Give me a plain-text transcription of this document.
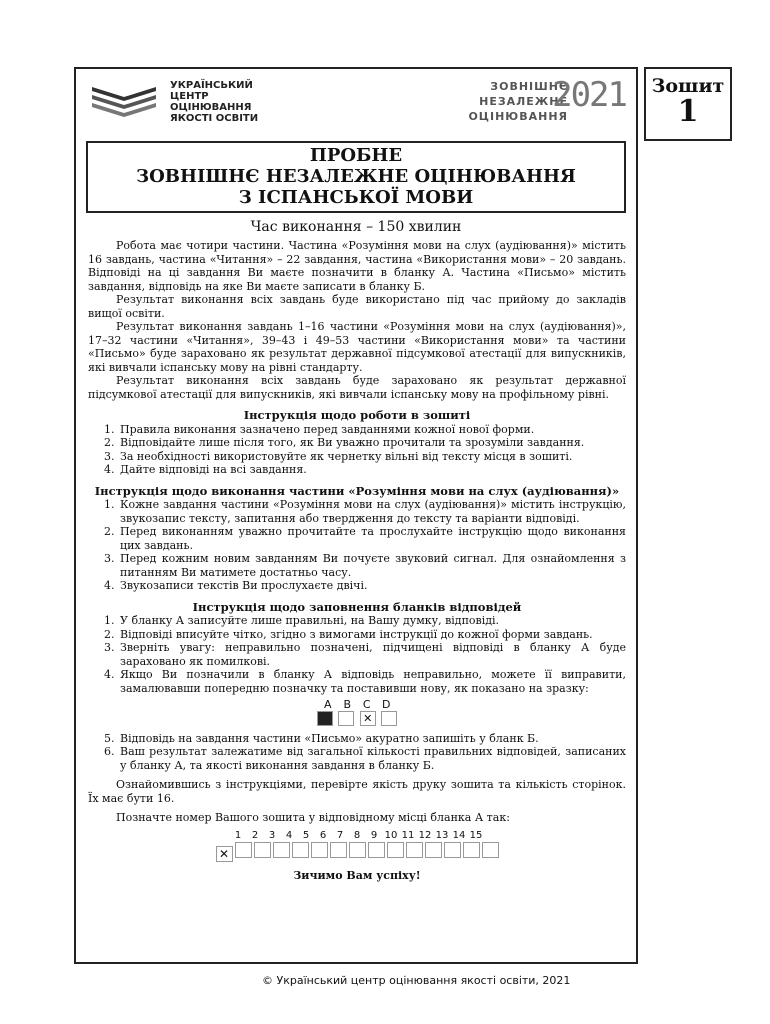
Зошит
1
УКРАЇНСЬКИЙ
ЦЕНТР
ОЦІНЮВАННЯ
ЯКОСТІ ОСВІТИ
ЗОВНІШНЄ
НЕЗАЛЕЖНЕ
ОЦІНЮВАННЯ
2021
ПРОБНЕ
ЗОВНІШНЄ НЕЗАЛЕЖНЕ ОЦІНЮВАННЯ
З ІСПАНСЬКОЇ МОВИ
Час виконання – 150 хвилин

Робота має чотири частини. Частина «Розуміння мови на слух (аудіювання)» містить 16 завдань, частина «Читання» – 22 завдання, частина «Використання мови» – 20 завдань. Відповіді на ці завдання Ви маєте позначити в бланку А. Частина «Письмо» містить завдання, відповідь на яке Ви маєте записати в бланку Б.

Результат виконання всіх завдань буде використано під час прийому до закладів вищої освіти.

Результат виконання завдань 1–16 частини «Розуміння мови на слух (аудіювання)», 17–32 частини «Читання», 39–43 і 49–53 частини «Використання мови» та частини «Письмо» буде зараховано як результат державної підсумкової атестації для випускників, які вивчали іспанську мову на рівні стандарту.

Результат виконання всіх завдань буде зараховано як результат державної підсумкової атестації для випускників, які вивчали іспанську мову на профільному рівні.

Інструкція щодо роботи в зошиті
1. Правила виконання зазначено перед завданнями кожної нової форми.
2. Відповідайте лише після того, як Ви уважно прочитали та зрозуміли завдання.
3. За необхідності використовуйте як чернетку вільні від тексту місця в зошиті.
4. Дайте відповіді на всі завдання.
Інструкція щодо виконання частини «Розуміння мови на слух (аудіювання)»
1. Кожне завдання частини «Розуміння мови на слух (аудіювання)» містить інструкцію, звукозапис тексту, запитання або твердження до тексту та варіанти відповіді.
2. Перед виконанням уважно прочитайте та прослухайте інструкцію щодо виконання цих завдань.
3. Перед кожним новим завданням Ви почуєте звуковий сигнал. Для ознайомлення з питанням Ви матимете достатньо часу.
4. Звукозаписи текстів Ви прослухаєте двічі.
Інструкція щодо заповнення бланків відповідей
1. У бланку А записуйте лише правильні, на Вашу думку, відповіді.
2. Відповіді вписуйте чітко, згідно з вимогами інструкції до кожної форми завдань.
3. Зверніть увагу: неправильно позначені, підчищені відповіді в бланку А буде зараховано як помилкові.
4. Якщо Ви позначили в бланку А відповідь неправильно, можете її виправити, замалювавши попередню позначку та поставивши нову, як показано на зразку:
A B C D
✕
5. Відповідь на завдання частини «Письмо» акуратно запишіть у бланк Б.
6. Ваш результат залежатиме від загальної кількості правильних відповідей, записаних у бланку А, та якості виконання завдання в бланку Б.

Ознайомившись з інструкціями, перевірте якість друку зошита та кількість сторінок. Їх має бути 16.

Позначте номер Вашого зошита у відповідному місці бланка А так:

1 2 3 4 5 6 7 8 9 10 11 12 13 14 15
✕
Зичимо Вам успіху!
© Український центр оцінювання якості освіти, 2021
